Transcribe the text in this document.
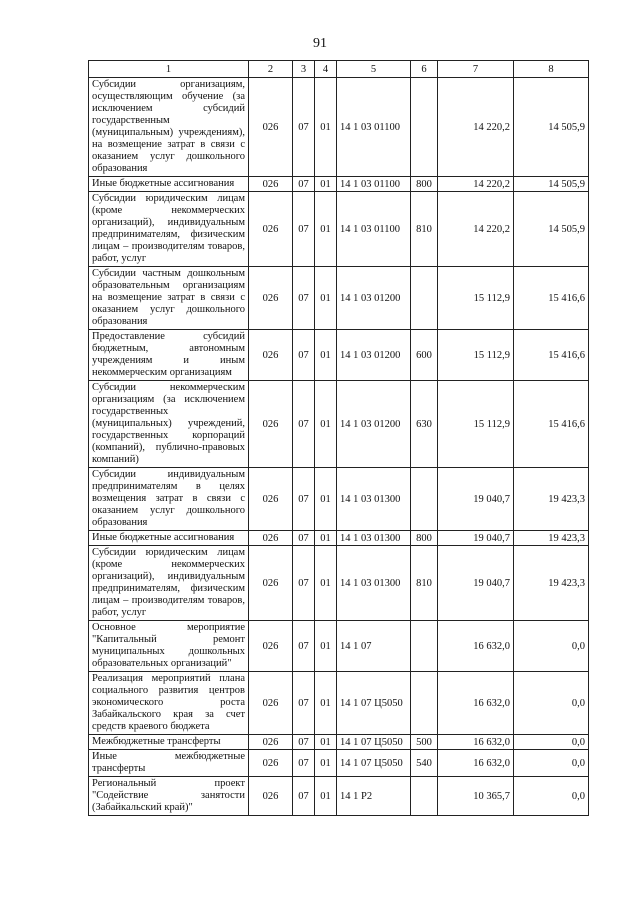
91
1	2	3	4	5	6	7	8
Субсидии организациям, осуществляющим обучение (за исключением субсидий государственным (муниципальным) учреждениям), на возмещение затрат в связи с оказанием услуг дошкольного образования	026	07	01	14 1 03 01100		14 220,2	14 505,9
Иные бюджетные ассигнования	026	07	01	14 1 03 01100	800	14 220,2	14 505,9
Субсидии юридическим лицам (кроме некоммерческих организаций), индивидуальным предпринимателям, физическим лицам – производителям товаров, работ, услуг	026	07	01	14 1 03 01100	810	14 220,2	14 505,9
Субсидии частным дошкольным образовательным организациям на возмещение затрат в связи с оказанием услуг дошкольного образования	026	07	01	14 1 03 01200		15 112,9	15 416,6
Предоставление субсидий бюджетным, автономным учреждениям и иным некоммерческим организациям	026	07	01	14 1 03 01200	600	15 112,9	15 416,6
Субсидии некоммерческим организациям (за исключением государственных (муниципальных) учреждений, государственных корпораций (компаний), публично-правовых компаний)	026	07	01	14 1 03 01200	630	15 112,9	15 416,6
Субсидии индивидуальным предпринимателям в целях возмещения затрат в связи с оказанием услуг дошкольного образования	026	07	01	14 1 03 01300		19 040,7	19 423,3
Иные бюджетные ассигнования	026	07	01	14 1 03 01300	800	19 040,7	19 423,3
Субсидии юридическим лицам (кроме некоммерческих организаций), индивидуальным предпринимателям, физическим лицам – производителям товаров, работ, услуг	026	07	01	14 1 03 01300	810	19 040,7	19 423,3
Основное мероприятие "Капитальный ремонт муниципальных дошкольных образовательных организаций"	026	07	01	14 1 07		16 632,0	0,0
Реализация мероприятий плана социального развития центров экономического роста Забайкальского края за счет средств краевого бюджета	026	07	01	14 1 07 Ц5050		16 632,0	0,0
Межбюджетные трансферты	026	07	01	14 1 07 Ц5050	500	16 632,0	0,0
Иные межбюджетные трансферты	026	07	01	14 1 07 Ц5050	540	16 632,0	0,0
Региональный проект "Содействие занятости (Забайкальский край)"	026	07	01	14 1 P2		10 365,7	0,0
